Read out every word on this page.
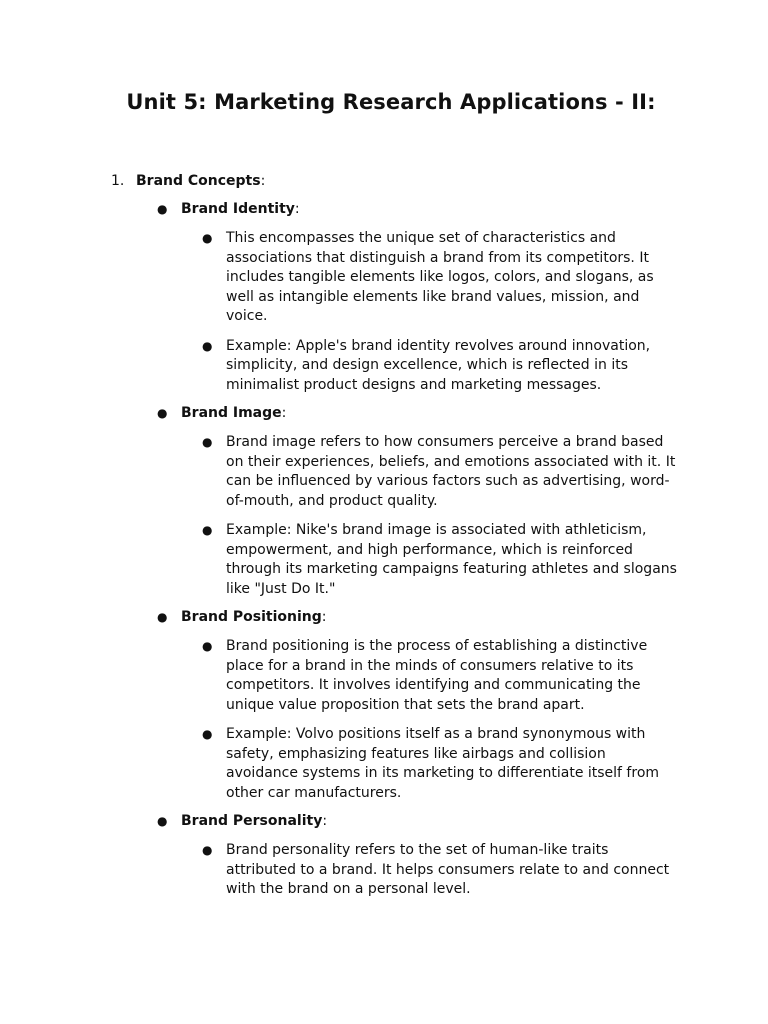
Unit 5: Marketing Research Applications - II:
1. Brand Concepts:
● Brand Identity:
● This encompasses the unique set of characteristics and associations that distinguish a brand from its competitors. It includes tangible elements like logos, colors, and slogans, as well as intangible elements like brand values, mission, and voice.

● Example: Apple's brand identity revolves around innovation, simplicity, and design excellence, which is reflected in its minimalist product designs and marketing messages.

● Brand Image:
● Brand image refers to how consumers perceive a brand based on their experiences, beliefs, and emotions associated with it. It can be influenced by various factors such as advertising, word-of-mouth, and product quality.

● Example: Nike's brand image is associated with athleticism, empowerment, and high performance, which is reinforced through its marketing campaigns featuring athletes and slogans like "Just Do It."

● Brand Positioning:
● Brand positioning is the process of establishing a distinctive place for a brand in the minds of consumers relative to its competitors. It involves identifying and communicating the unique value proposition that sets the brand apart.

● Example: Volvo positions itself as a brand synonymous with safety, emphasizing features like airbags and collision avoidance systems in its marketing to differentiate itself from other car manufacturers.

● Brand Personality:
● Brand personality refers to the set of human-like traits attributed to a brand. It helps consumers relate to and connect with the brand on a personal level.
